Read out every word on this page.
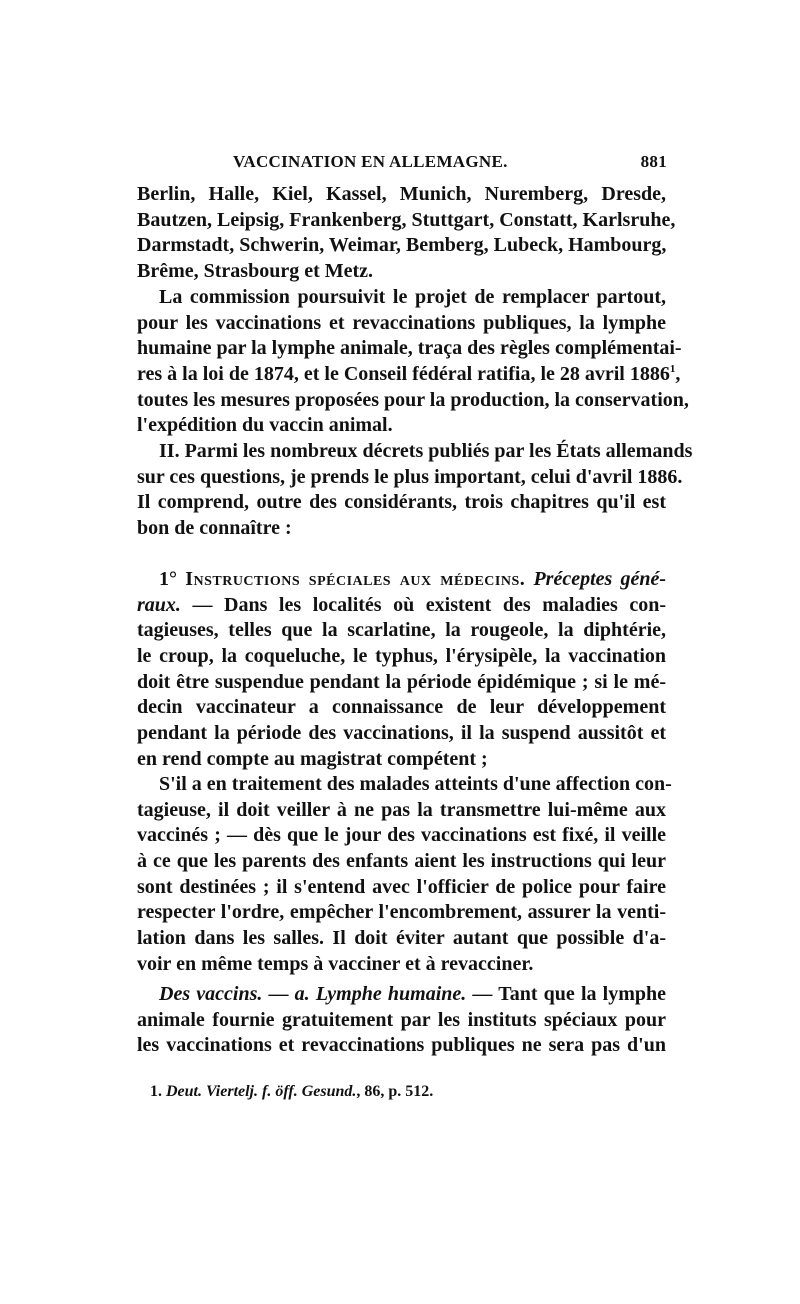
VACCINATION EN ALLEMAGNE.	881
Berlin, Halle, Kiel, Kassel, Munich, Nuremberg, Dresde,
Bautzen, Leipsig, Frankenberg, Stuttgart, Constatt, Karlsruhe,
Darmstadt, Schwerin, Weimar, Bemberg, Lubeck, Hambourg,
Brême, Strasbourg et Metz.
La commission poursuivit le projet de remplacer partout,
pour les vaccinations et revaccinations publiques, la lymphe
humaine par la lymphe animale, traça des règles complémentai-
res à la loi de 1874, et le Conseil fédéral ratifia, le 28 avril 1886$^1$,
toutes les mesures proposées pour la production, la conservation,
l'expédition du vaccin animal.
II. Parmi les nombreux décrets publiés par les États allemands
sur ces questions, je prends le plus important, celui d'avril 1886.
Il comprend, outre des considérants, trois chapitres qu'il est
bon de connaître :
1° Instructions spéciales aux médecins. Préceptes géné-
raux. — Dans les localités où existent des maladies con-
tagieuses, telles que la scarlatine, la rougeole, la diphtérie,
le croup, la coqueluche, le typhus, l'érysipèle, la vaccination
doit être suspendue pendant la période épidémique ; si le mé-
decin vaccinateur a connaissance de leur développement
pendant la période des vaccinations, il la suspend aussitôt et
en rend compte au magistrat compétent ;
S'il a en traitement des malades atteints d'une affection con-
tagieuse, il doit veiller à ne pas la transmettre lui-même aux
vaccinés ; — dès que le jour des vaccinations est fixé, il veille
à ce que les parents des enfants aient les instructions qui leur
sont destinées ; il s'entend avec l'officier de police pour faire
respecter l'ordre, empêcher l'encombrement, assurer la venti-
lation dans les salles. Il doit éviter autant que possible d'a-
voir en même temps à vacciner et à revacciner.
Des vaccins. — a. Lymphe humaine. — Tant que la lymphe
animale fournie gratuitement par les instituts spéciaux pour
les vaccinations et revaccinations publiques ne sera pas d'un
1. Deut. Viertelj. f. öff. Gesund., 86, p. 512.
